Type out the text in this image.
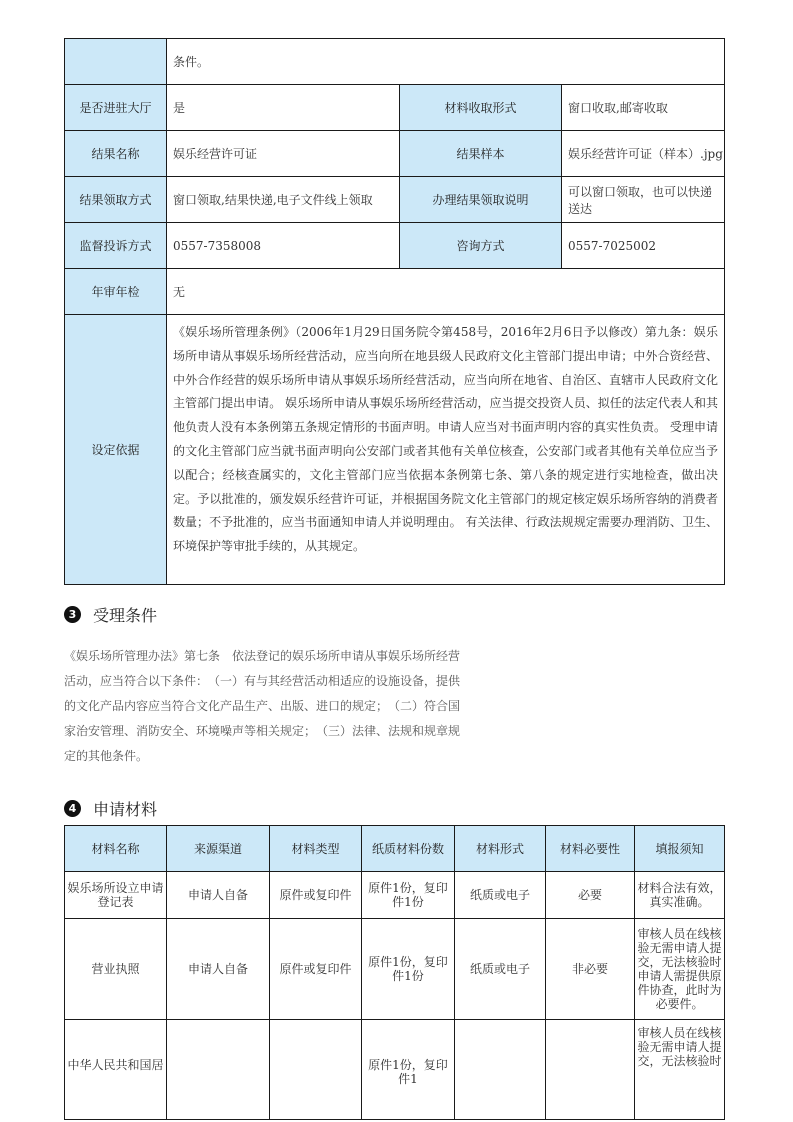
	条件。		
是否进驻大厅	是	材料收取形式	窗口收取,邮寄收取
结果名称	娱乐经营许可证	结果样本	娱乐经营许可证（样本）.jpg
结果领取方式	窗口领取,结果快递,电子文件线上领取	办理结果领取说明	可以窗口领取，也可以快递送达
监督投诉方式	0557-7358008	咨询方式	0557-7025002
年审年检	无		
设定依据	《娱乐场所管理条例》（2006年1月29日国务院令第458号，2016年2月6日予以修改）第九条：娱乐场所申请从事娱乐场所经营活动，应当向所在地县级人民政府文化主管部门提出申请；中外合资经营、中外合作经营的娱乐场所申请从事娱乐场所经营活动，应当向所在地省、自治区、直辖市人民政府文化主管部门提出申请。 娱乐场所申请从事娱乐场所经营活动，应当提交投资人员、拟任的法定代表人和其他负责人没有本条例第五条规定情形的书面声明。申请人应当对书面声明内容的真实性负责。 受理申请的文化主管部门应当就书面声明向公安部门或者其他有关单位核查，公安部门或者其他有关单位应当予以配合；经核查属实的，文化主管部门应当依据本条例第七条、第八条的规定进行实地检查，做出决定。予以批准的，颁发娱乐经营许可证，并根据国务院文化主管部门的规定核定娱乐场所容纳的消费者数量；不予批准的，应当书面通知申请人并说明理由。 有关法律、行政法规规定需要办理消防、卫生、环境保护等审批手续的，从其规定。		
3 受理条件
《娱乐场所管理办法》第七条　依法登记的娱乐场所申请从事娱乐场所经营活动，应当符合以下条件：　（一）有与其经营活动相适应的设施设备，提供的文化产品内容应当符合文化产品生产、出版、进口的规定；　（二）符合国家治安管理、消防安全、环境噪声等相关规定；　（三）法律、法规和规章规定的其他条件。
4 申请材料
材料名称	来源渠道	材料类型	纸质材料份数	材料形式	材料必要性	填报须知
娱乐场所设立申请登记表	申请人自备	原件或复印件	原件1份，复印件1份	纸质或电子	必要	材料合法有效，真实准确。
营业执照	申请人自备	原件或复印件	原件1份，复印件1份	纸质或电子	非必要	审核人员在线核验无需申请人提交，无法核验时申请人需提供原件协查，此时为必要件。
中华人民共和国居			原件1份，复印件1			审核人员在线核验无需申请人提交，无法核验时
